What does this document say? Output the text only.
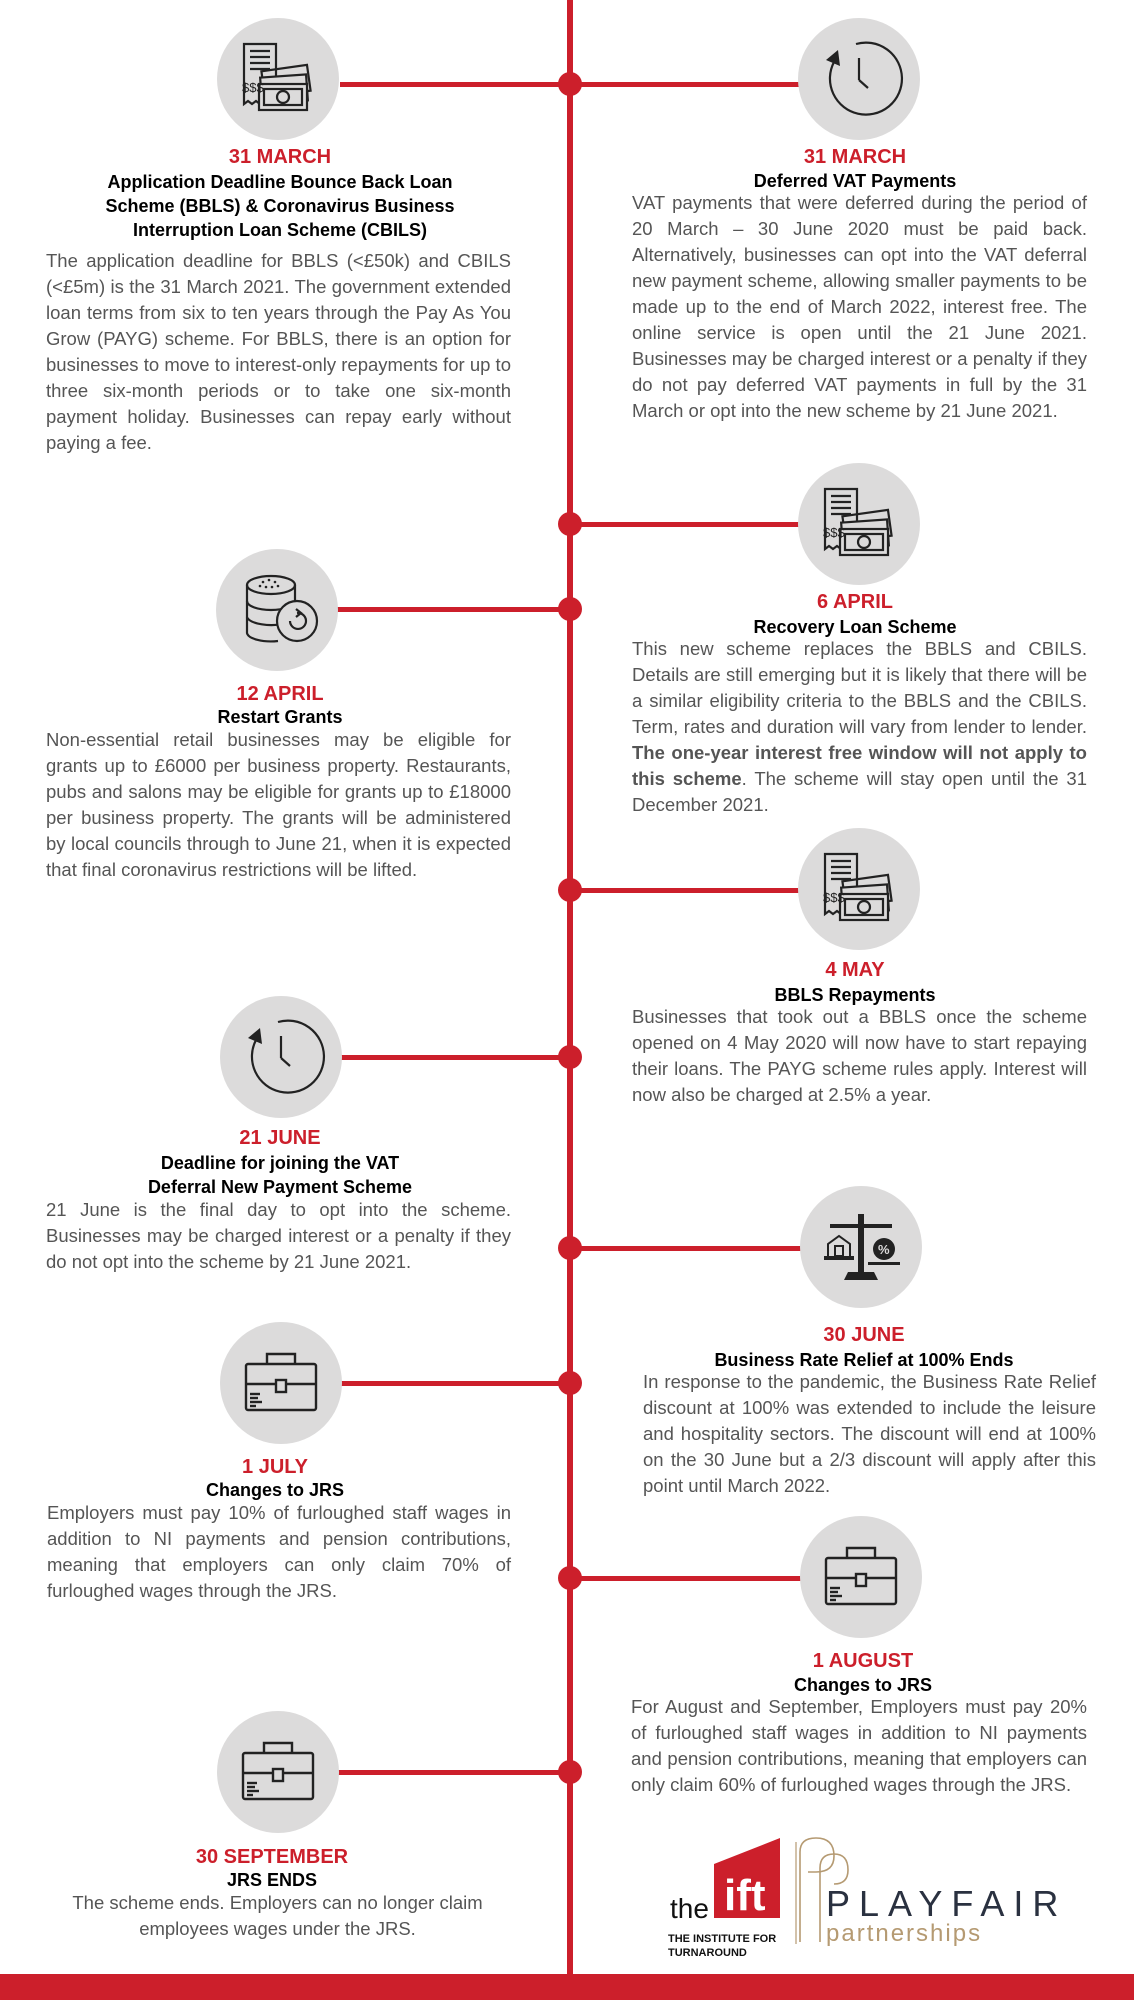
$$$
31 MARCH
Application Deadline Bounce Back Loan Scheme (BBLS) & Coronavirus Business Interruption Loan Scheme (CBILS)
The application deadline for BBLS (<£50k) and CBILS (<£5m) is the 31 March 2021. The government extended loan terms from six to ten years through the Pay As You Grow (PAYG) scheme. For BBLS, there is an option for businesses to move to interest-only repayments for up to three six-month periods or to take one six-month payment holiday. Businesses can repay early without paying a fee.
31 MARCH
Deferred VAT Payments
VAT payments that were deferred during the period of 20 March – 30 June 2020 must be paid back. Alternatively, businesses can opt into the VAT deferral new payment scheme, allowing smaller payments to be made up to the end of March 2022, interest free. The online service is open until the 21 June 2021. Businesses may be charged interest or a penalty if they do not pay deferred VAT payments in full by the 31 March or opt into the new scheme by 21 June 2021.
$$$
6 APRIL
Recovery Loan Scheme
This new scheme replaces the BBLS and CBILS. Details are still emerging but it is likely that there will be a similar eligibility criteria to the BBLS and the CBILS. Term, rates and duration will vary from lender to lender. The one-year interest free window will not apply to this scheme. The scheme will stay open until the 31 December 2021.
12 APRIL
Restart Grants
Non-essential retail businesses may be eligible for grants up to £6000 per business property. Restaurants, pubs and salons may be eligible for grants up to £18000 per business property. The grants will be administered by local councils through to June 21, when it is expected that final coronavirus restrictions will be lifted.
$$$
4 MAY
BBLS Repayments
Businesses that took out a BBLS once the scheme opened on 4 May 2020 will now have to start repaying their loans. The PAYG scheme rules apply. Interest will now also be charged at 2.5% a year.
21 JUNE
Deadline for joining the VAT
Deferral New Payment Scheme
21 June is the final day to opt into the scheme. Businesses may be charged interest or a penalty if they do not opt into the scheme by 21 June 2021.
%
30 JUNE
Business Rate Relief at 100% Ends
In response to the pandemic, the Business Rate Relief discount at 100% was extended to include the leisure and hospitality sectors. The discount will end at 100% on the 30 June but a 2/3 discount will apply after this point until March 2022.
1 JULY
Changes to JRS
Employers must pay 10% of furloughed staff wages in addition to NI payments and pension contributions, meaning that employers can only claim 70% of furloughed wages through the JRS.
1 AUGUST
Changes to JRS
For August and September, Employers must pay 20% of furloughed staff wages in addition to NI payments and pension contributions, meaning that employers can only claim 60% of furloughed wages through the JRS.
30 SEPTEMBER
JRS ENDS
The scheme ends. Employers can no longer claim employees wages under the JRS.
ift
the
THE INSTITUTE FOR
TURNAROUND
PLAYFAIR
partnerships
